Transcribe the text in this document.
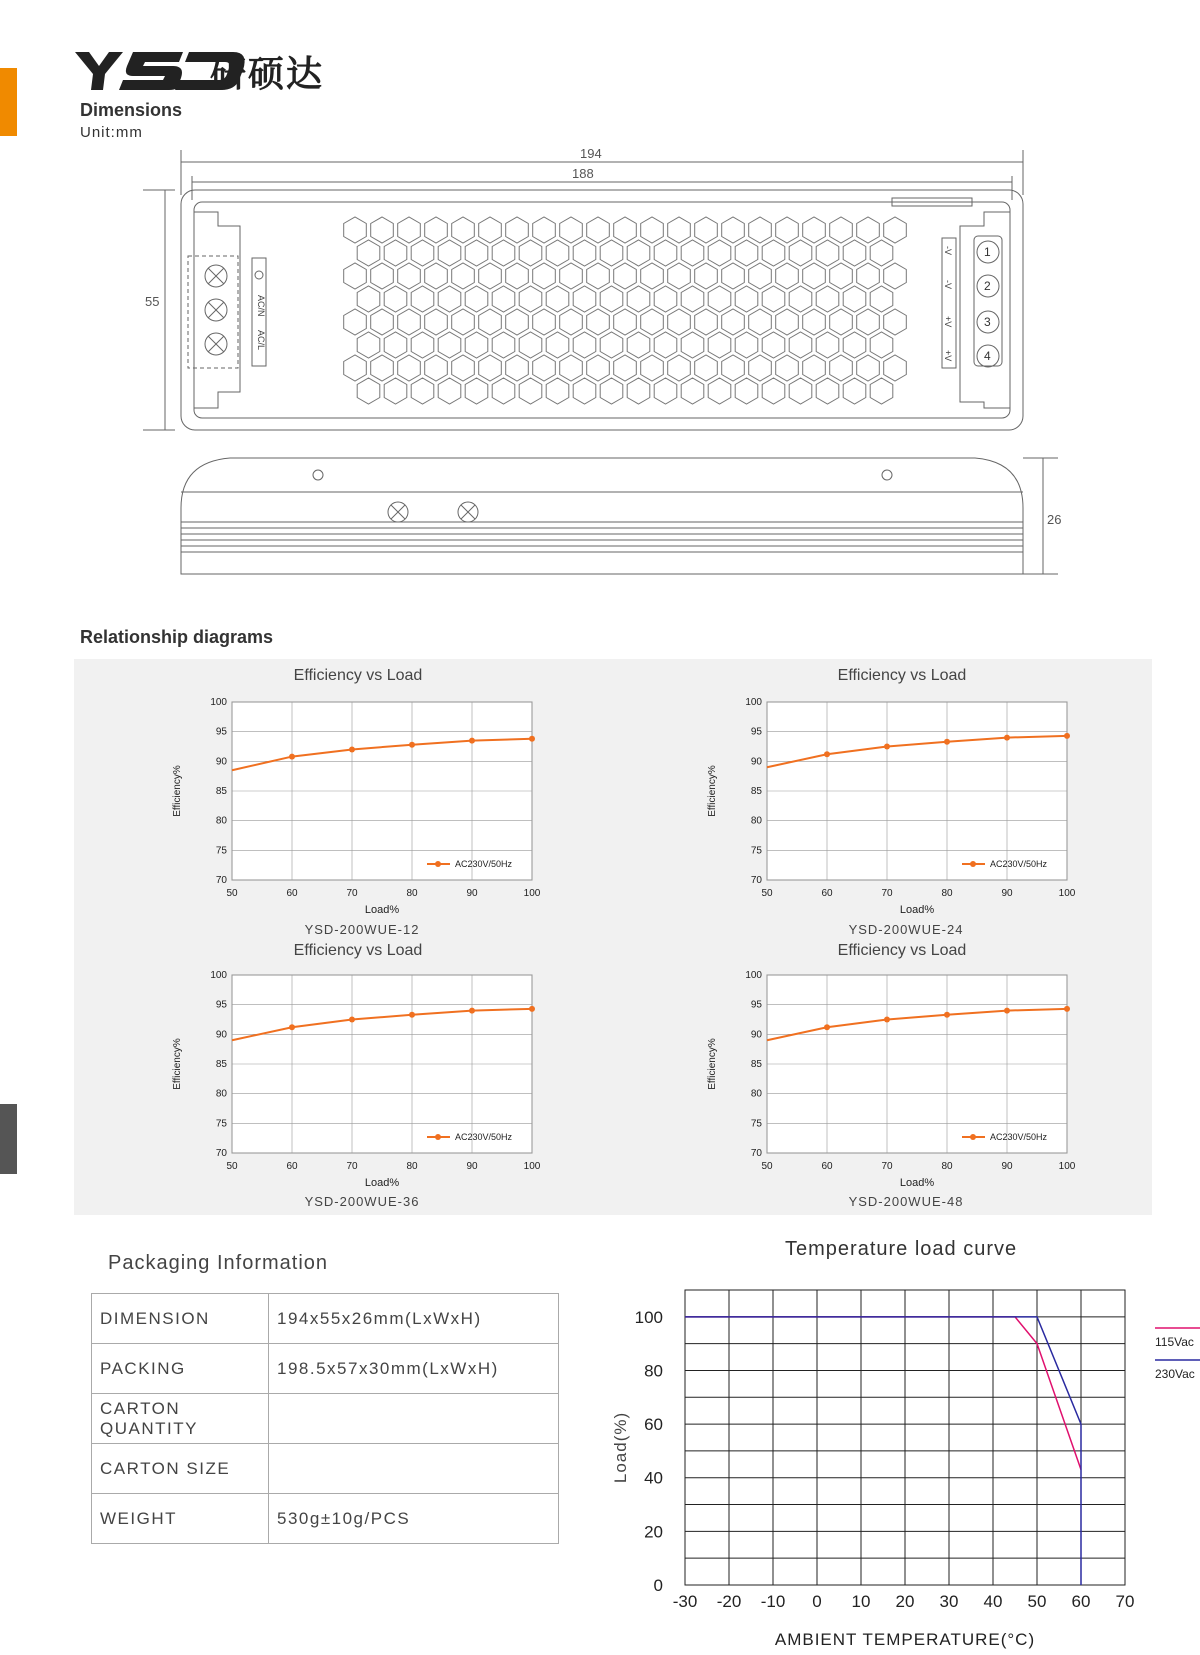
研硕达
Dimensions
Unit:mm
194
188
55
26
AC/N
AC/L
-V
-V
+V
+V
1
2
3
4
Relationship diagrams
Efficiency vs Load	Efficiency vs Load
Efficiency vs Load	Efficiency vs Load
70
75
80
85
90
95
100
50	60	70	80	90	100
Load%
Efficiency%
AC230V/50Hz
70
75
80
85
90
95
100
50	60	70	80	90	100
Load%
Efficiency%
AC230V/50Hz
70
75
80
85
90
95
100
50	60	70	80	90	100
Load%
Efficiency%
AC230V/50Hz
70
75
80
85
90
95
100
50	60	70	80	90	100
Load%
Efficiency%
AC230V/50Hz
YSD-200WUE-12	YSD-200WUE-24
YSD-200WUE-36	YSD-200WUE-48
Packaging Information
DIMENSION	194x55x26mm(LxWxH)
PACKING	198.5x57x30mm(LxWxH)
CARTON QUANTITY	
CARTON SIZE	
WEIGHT	530g±10g/PCS
Temperature load curve
-30 -20 -10 0 10 20 30 40 50 60 70
0
20
40
60
80
100
115Vac
230Vac
AMBIENT TEMPERATURE(°C)
Load(%)
